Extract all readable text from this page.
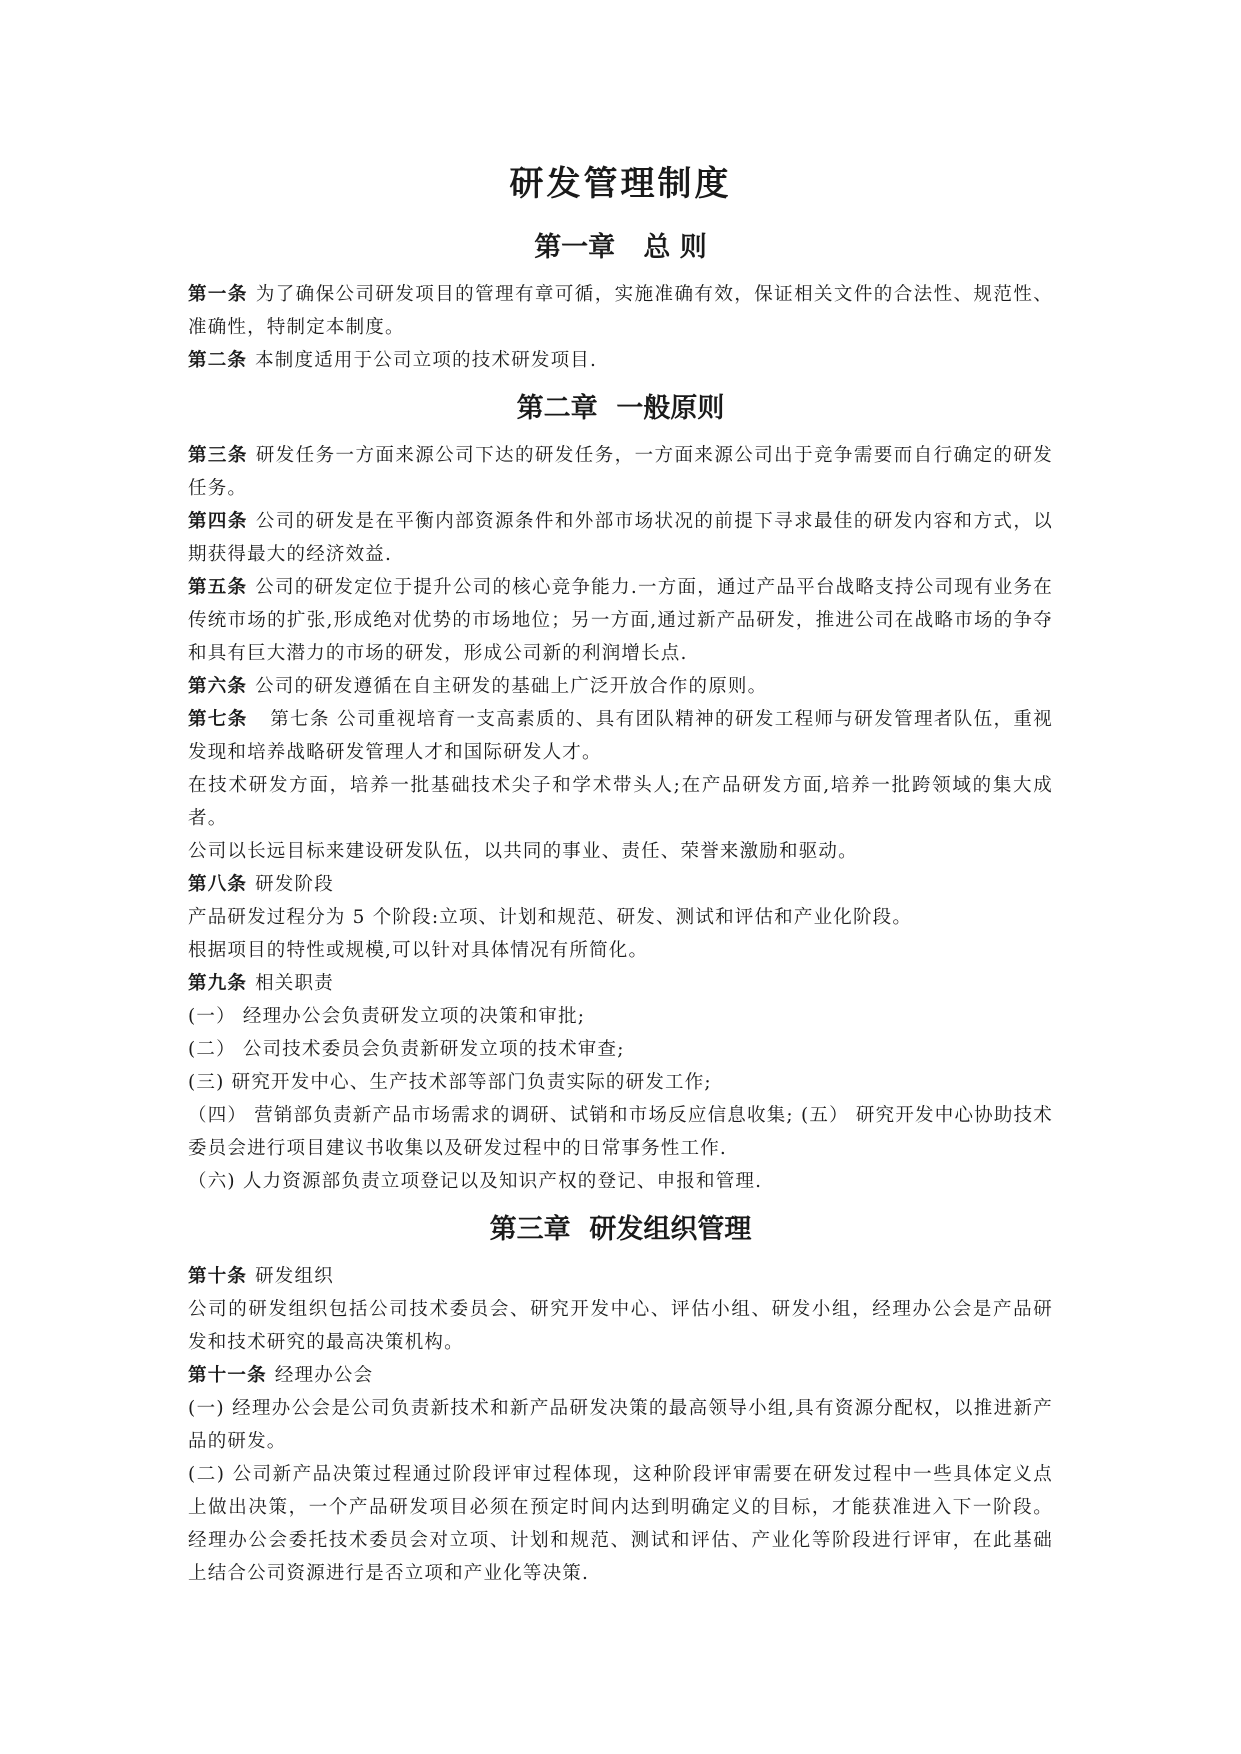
研发管理制度
第一章   总 则

第一条 为了确保公司研发项目的管理有章可循，实施准确有效，保证相关文件的合法性、规范性、准确性，特制定本制度。

第二条 本制度适用于公司立项的技术研发项目.

第二章  一般原则

第三条 研发任务一方面来源公司下达的研发任务，一方面来源公司出于竞争需要而自行确定的研发任务。

第四条 公司的研发是在平衡内部资源条件和外部市场状况的前提下寻求最佳的研发内容和方式，以期获得最大的经济效益.

第五条 公司的研发定位于提升公司的核心竞争能力.一方面，通过产品平台战略支持公司现有业务在传统市场的扩张,形成绝对优势的市场地位；另一方面,通过新产品研发，推进公司在战略市场的争夺和具有巨大潜力的市场的研发，形成公司新的利润增长点.

第六条 公司的研发遵循在自主研发的基础上广泛开放合作的原则。

第七条  第七条 公司重视培育一支高素质的、具有团队精神的研发工程师与研发管理者队伍，重视发现和培养战略研发管理人才和国际研发人才。

在技术研发方面，培养一批基础技术尖子和学术带头人;在产品研发方面,培养一批跨领域的集大成者。

公司以长远目标来建设研发队伍，以共同的事业、责任、荣誉来激励和驱动。

第八条 研发阶段

产品研发过程分为 5 个阶段:立项、计划和规范、研发、测试和评估和产业化阶段。

根据项目的特性或规模,可以针对具体情况有所简化。

第九条 相关职责

(一） 经理办公会负责研发立项的决策和审批;

(二） 公司技术委员会负责新研发立项的技术审查;

(三) 研究开发中心、生产技术部等部门负责实际的研发工作;

（四） 营销部负责新产品市场需求的调研、试销和市场反应信息收集; (五） 研究开发中心协助技术委员会进行项目建议书收集以及研发过程中的日常事务性工作.

（六) 人力资源部负责立项登记以及知识产权的登记、申报和管理.

第三章  研发组织管理

第十条 研发组织

公司的研发组织包括公司技术委员会、研究开发中心、评估小组、研发小组，经理办公会是产品研发和技术研究的最高决策机构。

第十一条 经理办公会

(一) 经理办公会是公司负责新技术和新产品研发决策的最高领导小组,具有资源分配权，以推进新产品的研发。

(二) 公司新产品决策过程通过阶段评审过程体现，这种阶段评审需要在研发过程中一些具体定义点上做出决策，一个产品研发项目必须在预定时间内达到明确定义的目标，才能获准进入下一阶段。经理办公会委托技术委员会对立项、计划和规范、测试和评估、产业化等阶段进行评审，在此基础上结合公司资源进行是否立项和产业化等决策.
